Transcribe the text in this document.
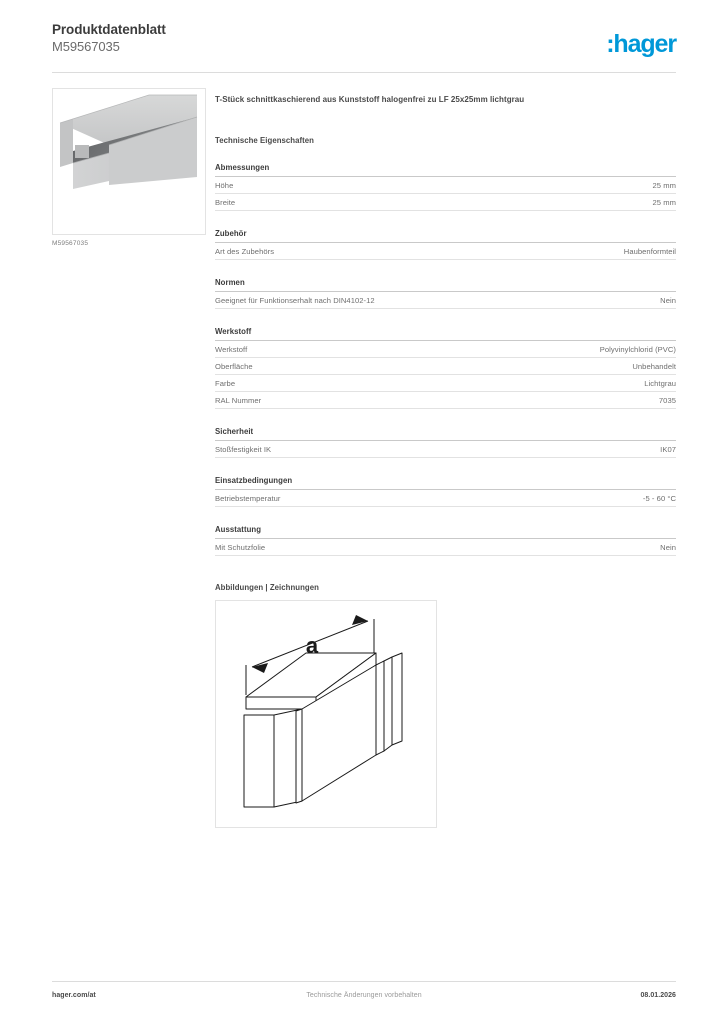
Produktdatenblatt
M59567035	:hager
M59567035
T-Stück schnittkaschierend aus Kunststoff halogenfrei zu LF 25x25mm lichtgrau
Technische Eigenschaften
Abmessungen
Höhe	25 mm
Breite	25 mm
Zubehör
Art des Zubehörs	Haubenformteil
Normen
Geeignet für Funktionserhalt nach DIN4102-12	Nein
Werkstoff
Werkstoff	Polyvinylchlorid (PVC)
Oberfläche	Unbehandelt
Farbe	Lichtgrau
RAL Nummer	7035
Sicherheit
Stoßfestigkeit IK	IK07
Einsatzbedingungen
Betriebstemperatur	-5 - 60 °C
Ausstattung
Mit Schutzfolie	Nein
Abbildungen | Zeichnungen
a
hager.com/at	Technische Änderungen vorbehalten	08.01.2026
